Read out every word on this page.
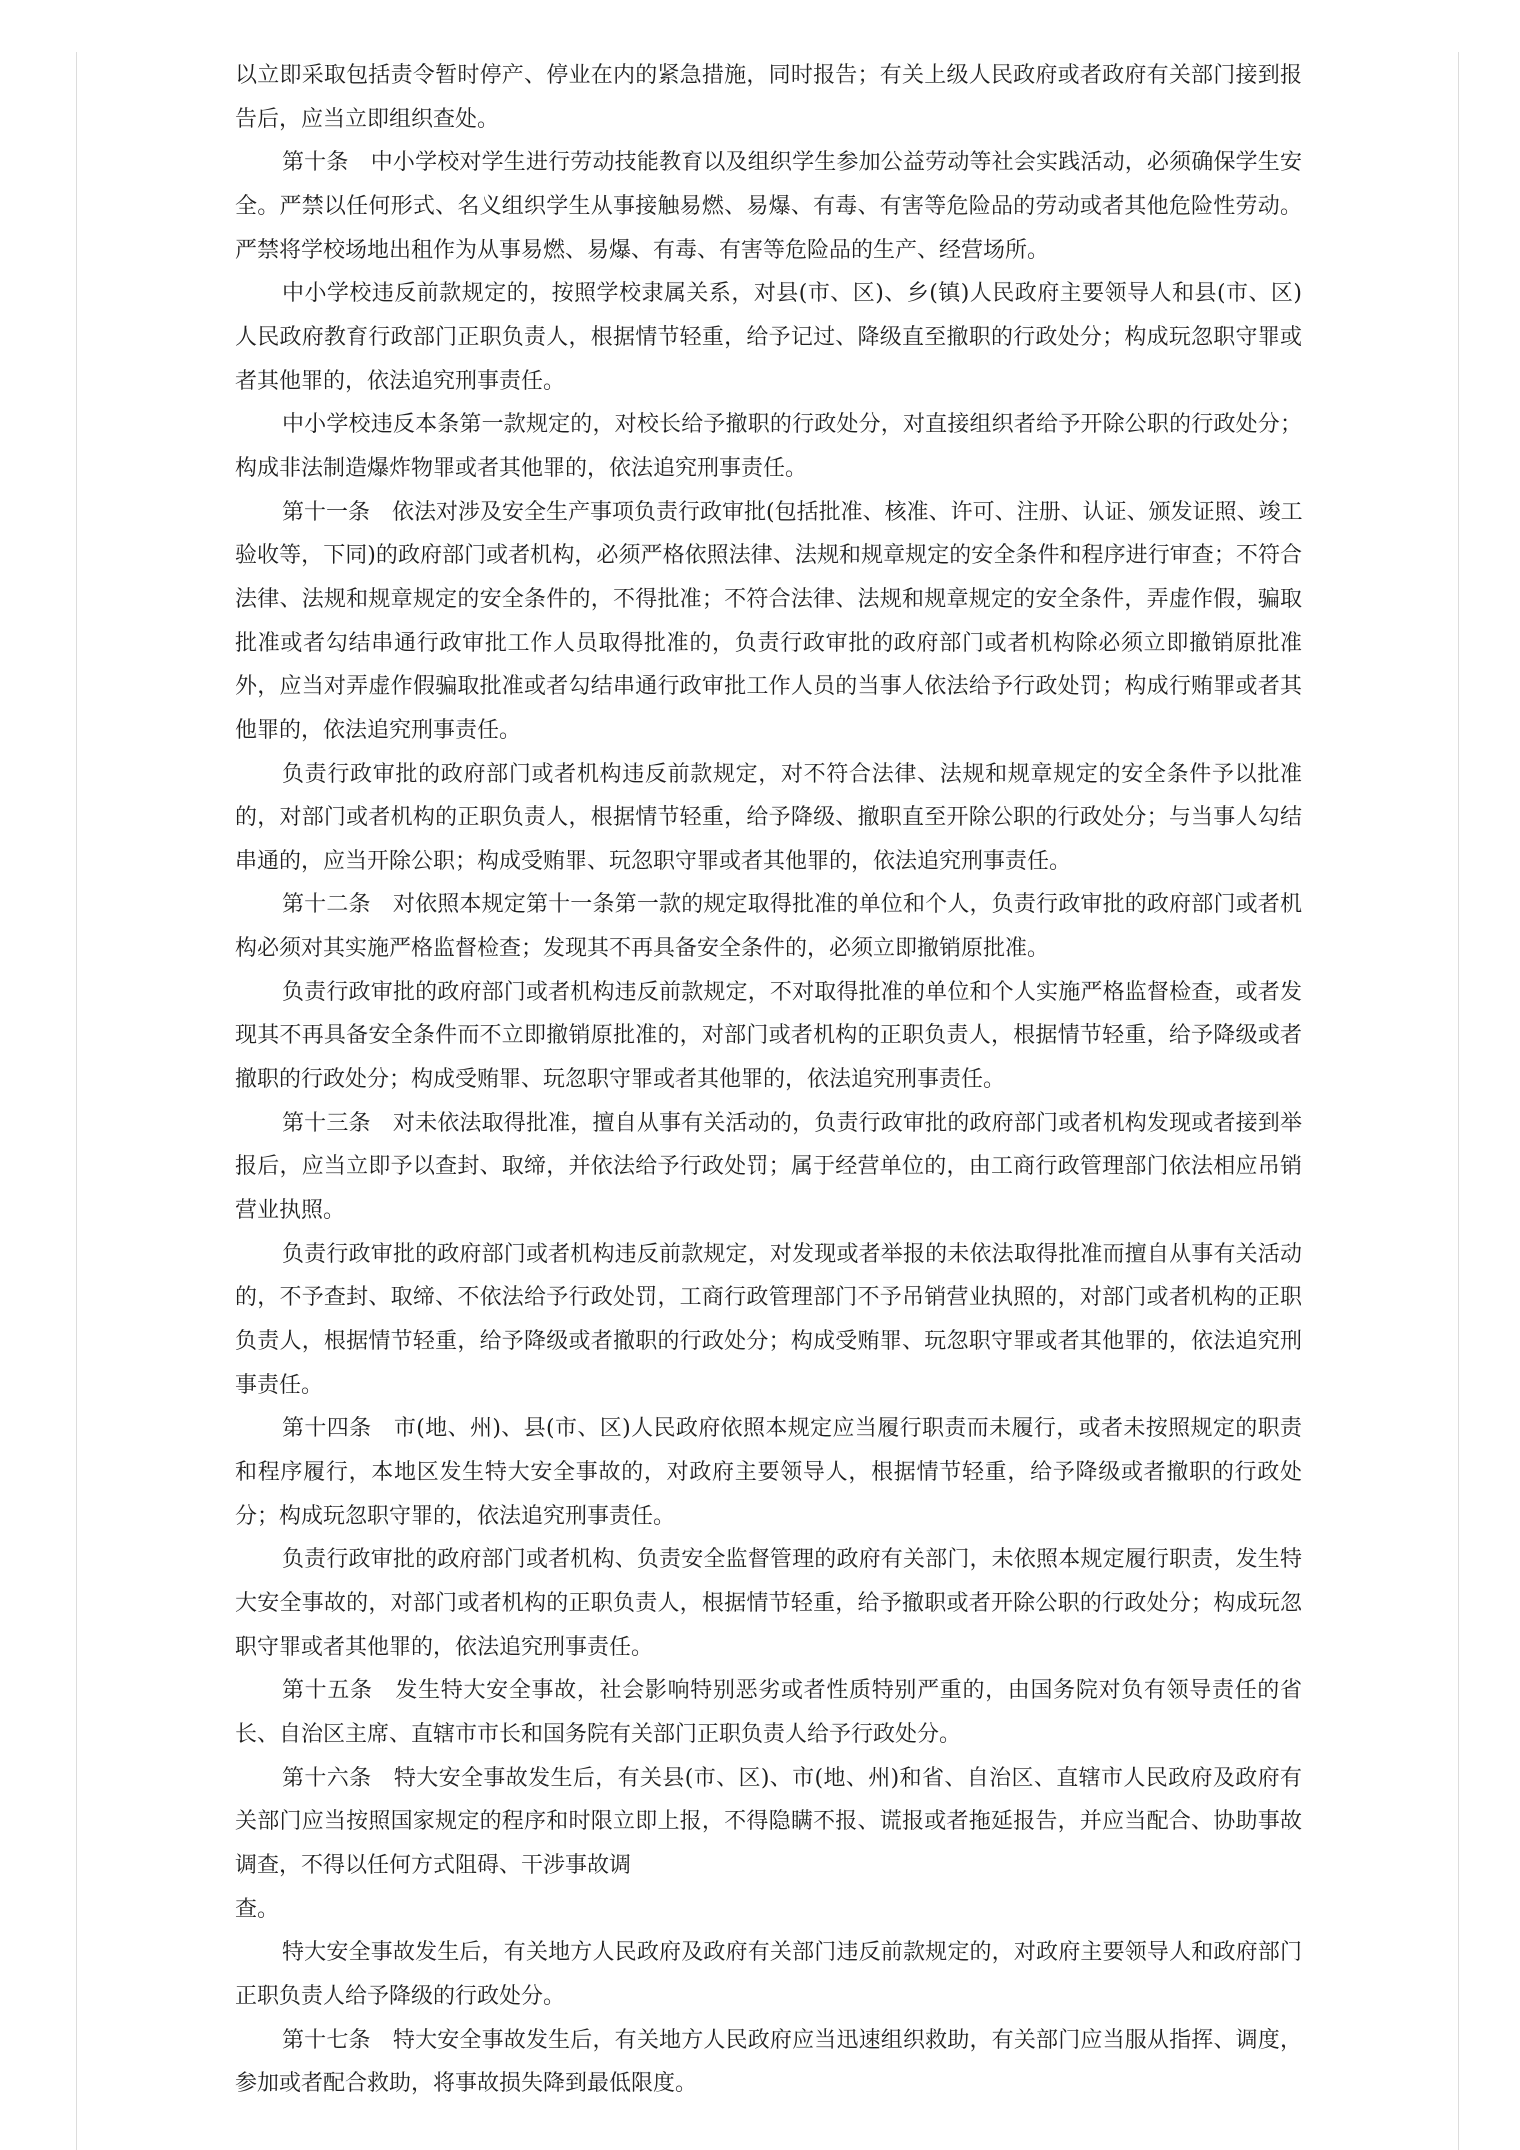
以立即采取包括责令暂时停产、停业在内的紧急措施，同时报告；有关上级人民政府或者政府有关部门接到报
告后，应当立即组织查处。
第十条　中小学校对学生进行劳动技能教育以及组织学生参加公益劳动等社会实践活动，必须确保学生安
全。严禁以任何形式、名义组织学生从事接触易燃、易爆、有毒、有害等危险品的劳动或者其他危险性劳动。
严禁将学校场地出租作为从事易燃、易爆、有毒、有害等危险品的生产、经营场所。
中小学校违反前款规定的，按照学校隶属关系，对县(市、区)、乡(镇)人民政府主要领导人和县(市、区)
人民政府教育行政部门正职负责人，根据情节轻重，给予记过、降级直至撤职的行政处分；构成玩忽职守罪或
者其他罪的，依法追究刑事责任。
中小学校违反本条第一款规定的，对校长给予撤职的行政处分，对直接组织者给予开除公职的行政处分；
构成非法制造爆炸物罪或者其他罪的，依法追究刑事责任。
第十一条　依法对涉及安全生产事项负责行政审批(包括批准、核准、许可、注册、认证、颁发证照、竣工
验收等，下同)的政府部门或者机构，必须严格依照法律、法规和规章规定的安全条件和程序进行审查；不符合
法律、法规和规章规定的安全条件的，不得批准；不符合法律、法规和规章规定的安全条件，弄虚作假，骗取
批准或者勾结串通行政审批工作人员取得批准的，负责行政审批的政府部门或者机构除必须立即撤销原批准
外，应当对弄虚作假骗取批准或者勾结串通行政审批工作人员的当事人依法给予行政处罚；构成行贿罪或者其
他罪的，依法追究刑事责任。
负责行政审批的政府部门或者机构违反前款规定，对不符合法律、法规和规章规定的安全条件予以批准
的，对部门或者机构的正职负责人，根据情节轻重，给予降级、撤职直至开除公职的行政处分；与当事人勾结
串通的，应当开除公职；构成受贿罪、玩忽职守罪或者其他罪的，依法追究刑事责任。
第十二条　对依照本规定第十一条第一款的规定取得批准的单位和个人，负责行政审批的政府部门或者机
构必须对其实施严格监督检查；发现其不再具备安全条件的，必须立即撤销原批准。
负责行政审批的政府部门或者机构违反前款规定，不对取得批准的单位和个人实施严格监督检查，或者发
现其不再具备安全条件而不立即撤销原批准的，对部门或者机构的正职负责人，根据情节轻重，给予降级或者
撤职的行政处分；构成受贿罪、玩忽职守罪或者其他罪的，依法追究刑事责任。
第十三条　对未依法取得批准，擅自从事有关活动的，负责行政审批的政府部门或者机构发现或者接到举
报后，应当立即予以查封、取缔，并依法给予行政处罚；属于经营单位的，由工商行政管理部门依法相应吊销
营业执照。
负责行政审批的政府部门或者机构违反前款规定，对发现或者举报的未依法取得批准而擅自从事有关活动
的，不予查封、取缔、不依法给予行政处罚，工商行政管理部门不予吊销营业执照的，对部门或者机构的正职
负责人，根据情节轻重，给予降级或者撤职的行政处分；构成受贿罪、玩忽职守罪或者其他罪的，依法追究刑
事责任。
第十四条　市(地、州)、县(市、区)人民政府依照本规定应当履行职责而未履行，或者未按照规定的职责
和程序履行，本地区发生特大安全事故的，对政府主要领导人，根据情节轻重，给予降级或者撤职的行政处
分；构成玩忽职守罪的，依法追究刑事责任。
负责行政审批的政府部门或者机构、负责安全监督管理的政府有关部门，未依照本规定履行职责，发生特
大安全事故的，对部门或者机构的正职负责人，根据情节轻重，给予撤职或者开除公职的行政处分；构成玩忽
职守罪或者其他罪的，依法追究刑事责任。
第十五条　发生特大安全事故，社会影响特别恶劣或者性质特别严重的，由国务院对负有领导责任的省
长、自治区主席、直辖市市长和国务院有关部门正职负责人给予行政处分。
第十六条　特大安全事故发生后，有关县(市、区)、市(地、州)和省、自治区、直辖市人民政府及政府有
关部门应当按照国家规定的程序和时限立即上报，不得隐瞒不报、谎报或者拖延报告，并应当配合、协助事故
调查，不得以任何方式阻碍、干涉事故调
查。
特大安全事故发生后，有关地方人民政府及政府有关部门违反前款规定的，对政府主要领导人和政府部门
正职负责人给予降级的行政处分。
第十七条　特大安全事故发生后，有关地方人民政府应当迅速组织救助，有关部门应当服从指挥、调度，
参加或者配合救助，将事故损失降到最低限度。
